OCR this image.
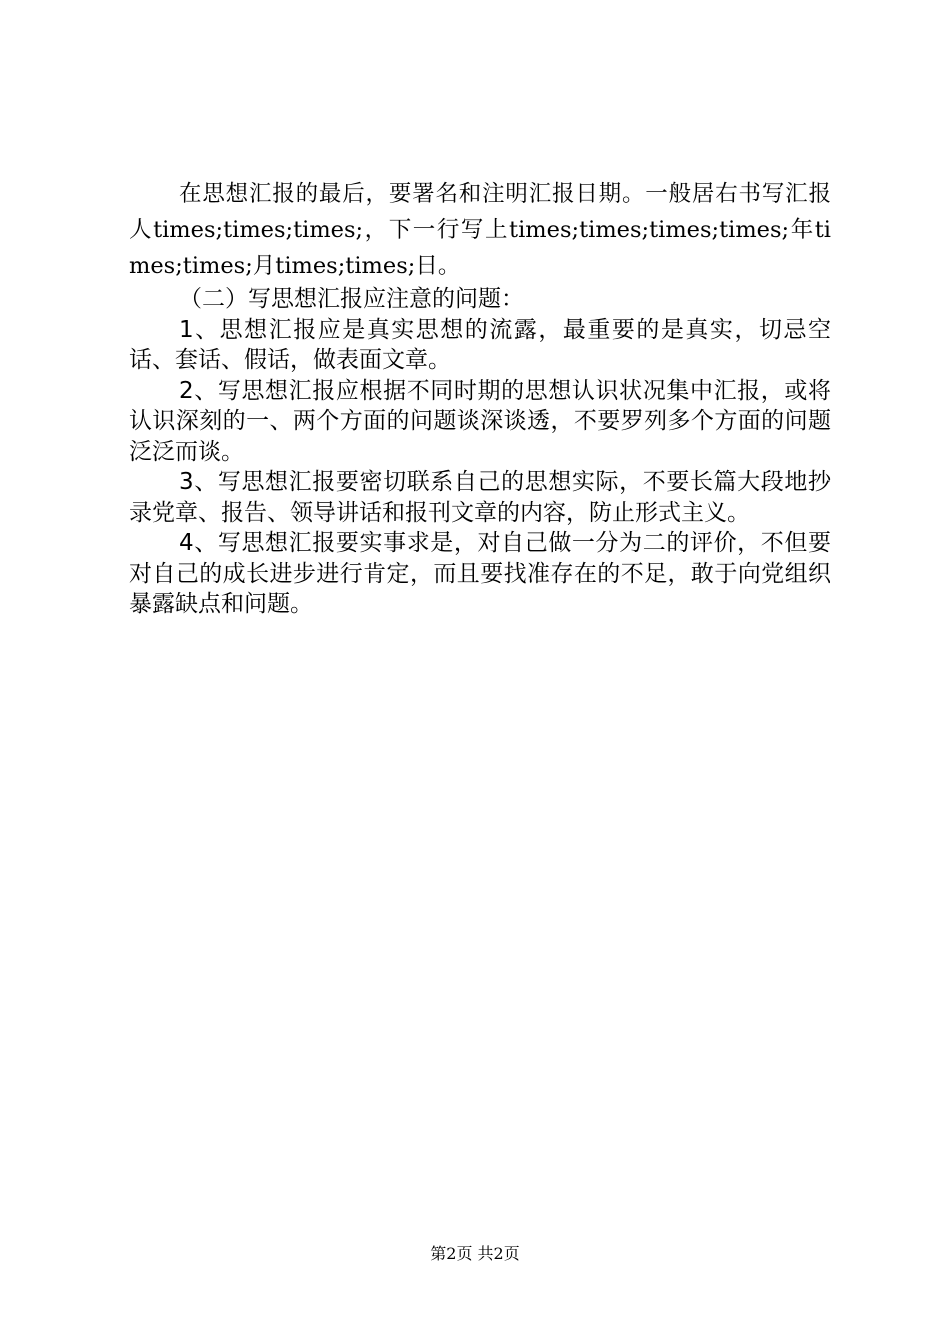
在思想汇报的最后，要署名和注明汇报日期。一般居右书写汇报人times;times;times;，下一行写上times;times;times;times;年times;times;月times;times;日。

（二）写思想汇报应注意的问题：

1、思想汇报应是真实思想的流露，最重要的是真实，切忌空话、套话、假话，做表面文章。

2、写思想汇报应根据不同时期的思想认识状况集中汇报，或将认识深刻的一、两个方面的问题谈深谈透，不要罗列多个方面的问题泛泛而谈。

3、写思想汇报要密切联系自己的思想实际，不要长篇大段地抄录党章、报告、领导讲话和报刊文章的内容，防止形式主义。

4、写思想汇报要实事求是，对自己做一分为二的评价，不但要对自己的成长进步进行肯定，而且要找准存在的不足，敢于向党组织暴露缺点和问题。

第2页 共2页
